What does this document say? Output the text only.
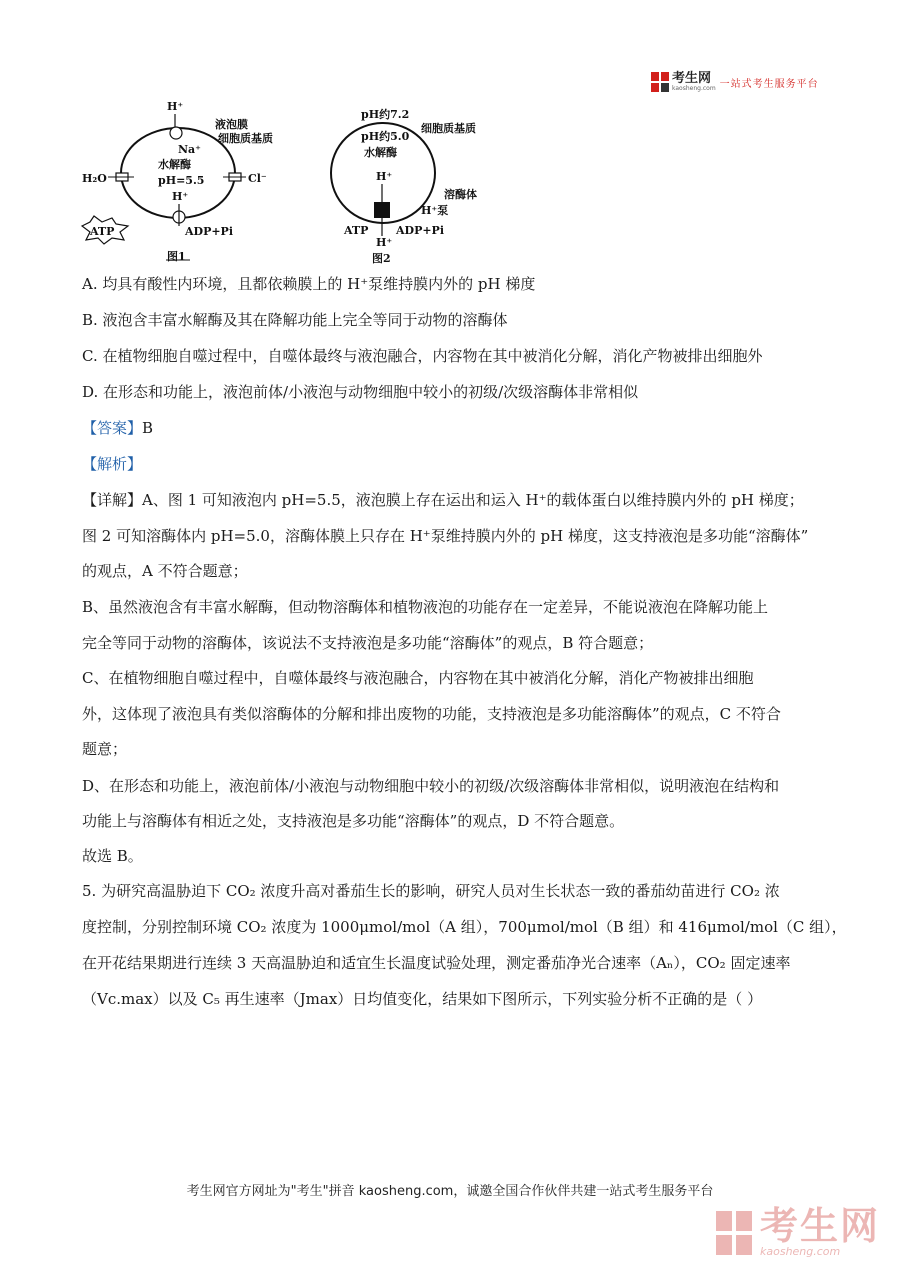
考生网
kaosheng.com 一站式考生服务平台
H⁺
液泡膜
细胞质基质
Na⁺
水解酶
pH=5.5
H₂O	Cl⁻
H⁺
ATP	ADP+Pi
图1
pH约7.2
细胞质基质
pH约5.0
水解酶
H⁺
溶酶体
H⁺泵
ATP	ADP+Pi
H⁺
图2
A. 均具有酸性内环境，且都依赖膜上的 H⁺泵维持膜内外的 pH 梯度
B. 液泡含丰富水解酶及其在降解功能上完全等同于动物的溶酶体
C. 在植物细胞自噬过程中，自噬体最终与液泡融合，内容物在其中被消化分解，消化产物被排出细胞外
D. 在形态和功能上，液泡前体/小液泡与动物细胞中较小的初级/次级溶酶体非常相似
【答案】B
【解析】
【详解】A、图 1 可知液泡内 pH=5.5，液泡膜上存在运出和运入 H⁺的载体蛋白以维持膜内外的 pH 梯度；
图 2 可知溶酶体内 pH=5.0，溶酶体膜上只存在 H⁺泵维持膜内外的 pH 梯度，这支持液泡是多功能“溶酶体”
的观点，A 不符合题意；
B、虽然液泡含有丰富水解酶，但动物溶酶体和植物液泡的功能存在一定差异，不能说液泡在降解功能上
完全等同于动物的溶酶体，该说法不支持液泡是多功能“溶酶体”的观点，B 符合题意；
C、在植物细胞自噬过程中，自噬体最终与液泡融合，内容物在其中被消化分解，消化产物被排出细胞
外，这体现了液泡具有类似溶酶体的分解和排出废物的功能，支持液泡是多功能溶酶体”的观点，C 不符合
题意；
D、在形态和功能上，液泡前体/小液泡与动物细胞中较小的初级/次级溶酶体非常相似，说明液泡在结构和
功能上与溶酶体有相近之处，支持液泡是多功能“溶酶体”的观点，D 不符合题意。
故选 B。
5. 为研究高温胁迫下 CO₂ 浓度升高对番茄生长的影响，研究人员对生长状态一致的番茄幼苗进行 CO₂ 浓
度控制，分别控制环境 CO₂ 浓度为 1000μmol/mol（A 组），700μmol/mol（B 组）和 416μmol/mol（C 组），
在开花结果期进行连续 3 天高温胁迫和适宜生长温度试验处理，测定番茄净光合速率（Aₙ），CO₂ 固定速率
（Vc.max）以及 C₅ 再生速率（Jmax）日均值变化，结果如下图所示，下列实验分析不正确的是（ ）
考生网官方网址为"考生"拼音 kaosheng.com，诚邀全国合作伙伴共建一站式考生服务平台
考生网
kaosheng.com
